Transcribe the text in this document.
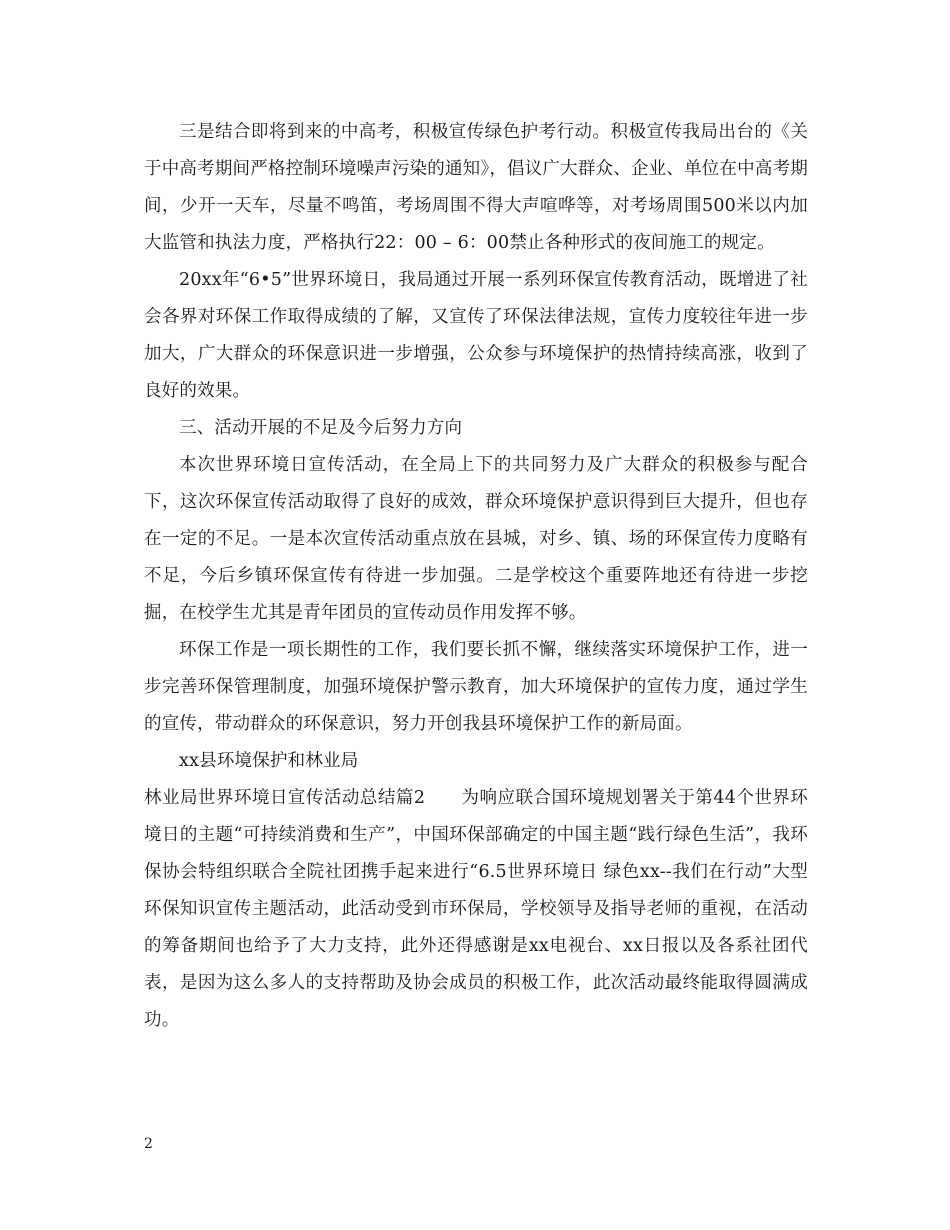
三是结合即将到来的中高考，积极宣传绿色护考行动。积极宣传我局出台的《关于中高考期间严格控制环境噪声污染的通知》，倡议广大群众、企业、单位在中高考期间，少开一天车，尽量不鸣笛，考场周围不得大声喧哗等，对考场周围500米以内加大监管和执法力度，严格执行22：00 – 6：00禁止各种形式的夜间施工的规定。

20xx年“6•5”世界环境日，我局通过开展一系列环保宣传教育活动，既增进了社会各界对环保工作取得成绩的了解，又宣传了环保法律法规，宣传力度较往年进一步加大，广大群众的环保意识进一步增强，公众参与环境保护的热情持续高涨，收到了良好的效果。

三、活动开展的不足及今后努力方向

本次世界环境日宣传活动，在全局上下的共同努力及广大群众的积极参与配合下，这次环保宣传活动取得了良好的成效，群众环境保护意识得到巨大提升，但也存在一定的不足。一是本次宣传活动重点放在县城，对乡、镇、场的环保宣传力度略有不足，今后乡镇环保宣传有待进一步加强。二是学校这个重要阵地还有待进一步挖掘，在校学生尤其是青年团员的宣传动员作用发挥不够。

环保工作是一项长期性的工作，我们要长抓不懈，继续落实环境保护工作，进一步完善环保管理制度，加强环境保护警示教育，加大环境保护的宣传力度，通过学生的宣传，带动群众的环保意识，努力开创我县环境保护工作的新局面。

xx县环境保护和林业局

林业局世界环境日宣传活动总结篇2　　为响应联合国环境规划署关于第44个世界环境日的主题“可持续消费和生产”，中国环保部确定的中国主题“践行绿色生活”，我环保协会特组织联合全院社团携手起来进行“6.5世界环境日 绿色xx--我们在行动”大型环保知识宣传主题活动，此活动受到市环保局，学校领导及指导老师的重视，在活动的筹备期间也给予了大力支持，此外还得感谢是xx电视台、xx日报以及各系社团代表，是因为这么多人的支持帮助及协会成员的积极工作，此次活动最终能取得圆满成功。

2
